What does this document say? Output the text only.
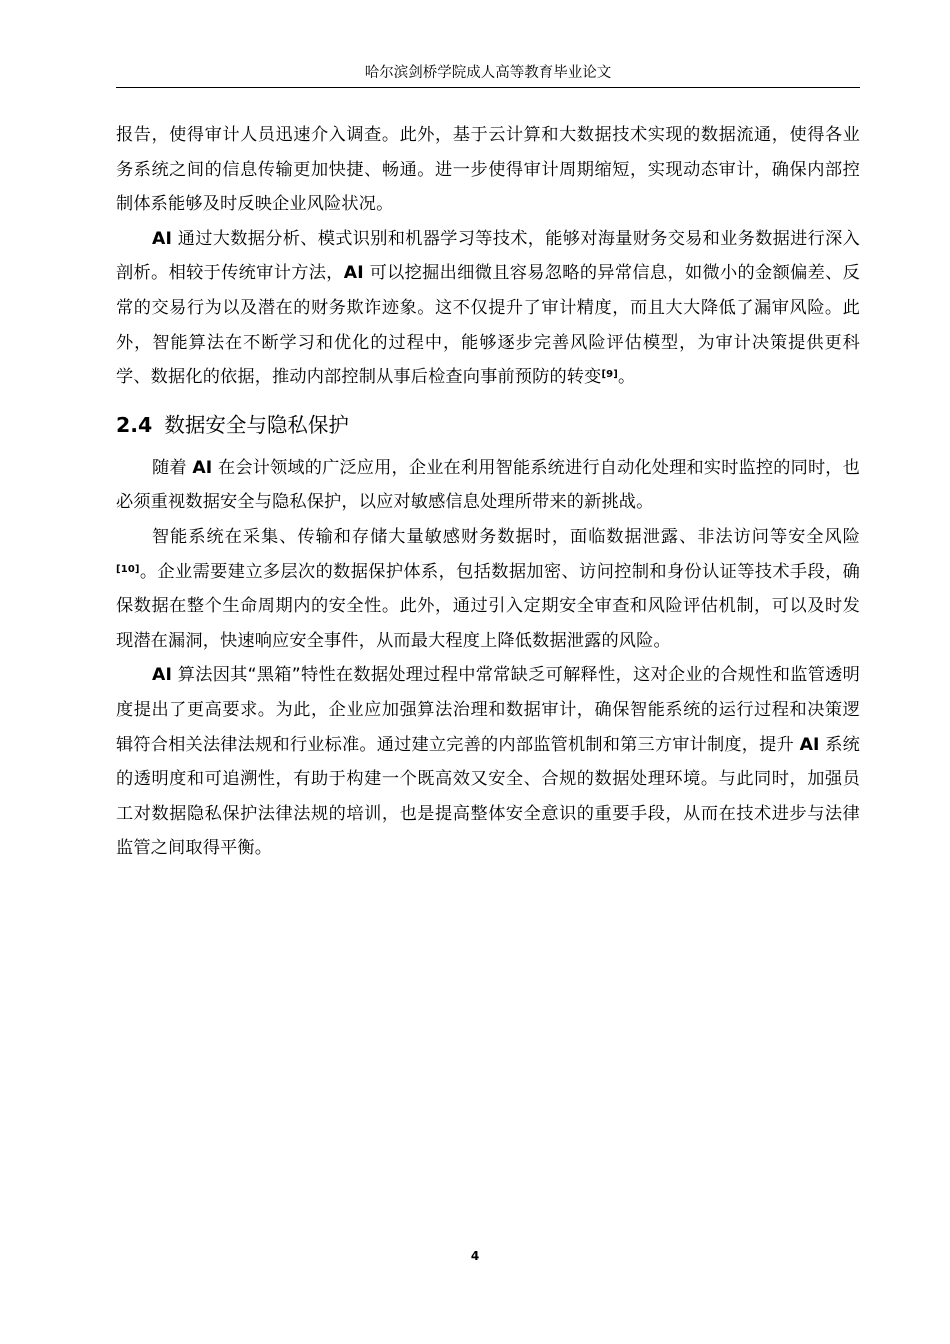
哈尔滨剑桥学院成人高等教育毕业论文

报告，使得审计人员迅速介入调查。此外，基于云计算和大数据技术实现的数据流通，使得各业务系统之间的信息传输更加快捷、畅通。进一步使得审计周期缩短，实现动态审计，确保内部控制体系能够及时反映企业风险状况。

AI 通过大数据分析、模式识别和机器学习等技术，能够对海量财务交易和业务数据进行深入剖析。相较于传统审计方法，AI 可以挖掘出细微且容易忽略的异常信息，如微小的金额偏差、反常的交易行为以及潜在的财务欺诈迹象。这不仅提升了审计精度，而且大大降低了漏审风险。此外，智能算法在不断学习和优化的过程中，能够逐步完善风险评估模型，为审计决策提供更科学、数据化的依据，推动内部控制从事后检查向事前预防的转变[9]。

2.4 数据安全与隐私保护

随着 AI 在会计领域的广泛应用，企业在利用智能系统进行自动化处理和实时监控的同时，也必须重视数据安全与隐私保护，以应对敏感信息处理所带来的新挑战。

智能系统在采集、传输和存储大量敏感财务数据时，面临数据泄露、非法访问等安全风险[10]。企业需要建立多层次的数据保护体系，包括数据加密、访问控制和身份认证等技术手段，确保数据在整个生命周期内的安全性。此外，通过引入定期安全审查和风险评估机制，可以及时发现潜在漏洞，快速响应安全事件，从而最大程度上降低数据泄露的风险。

AI 算法因其“黑箱”特性在数据处理过程中常常缺乏可解释性，这对企业的合规性和监管透明度提出了更高要求。为此，企业应加强算法治理和数据审计，确保智能系统的运行过程和决策逻辑符合相关法律法规和行业标准。通过建立完善的内部监管机制和第三方审计制度，提升 AI 系统的透明度和可追溯性，有助于构建一个既高效又安全、合规的数据处理环境。与此同时，加强员工对数据隐私保护法律法规的培训，也是提高整体安全意识的重要手段，从而在技术进步与法律监管之间取得平衡。

4
